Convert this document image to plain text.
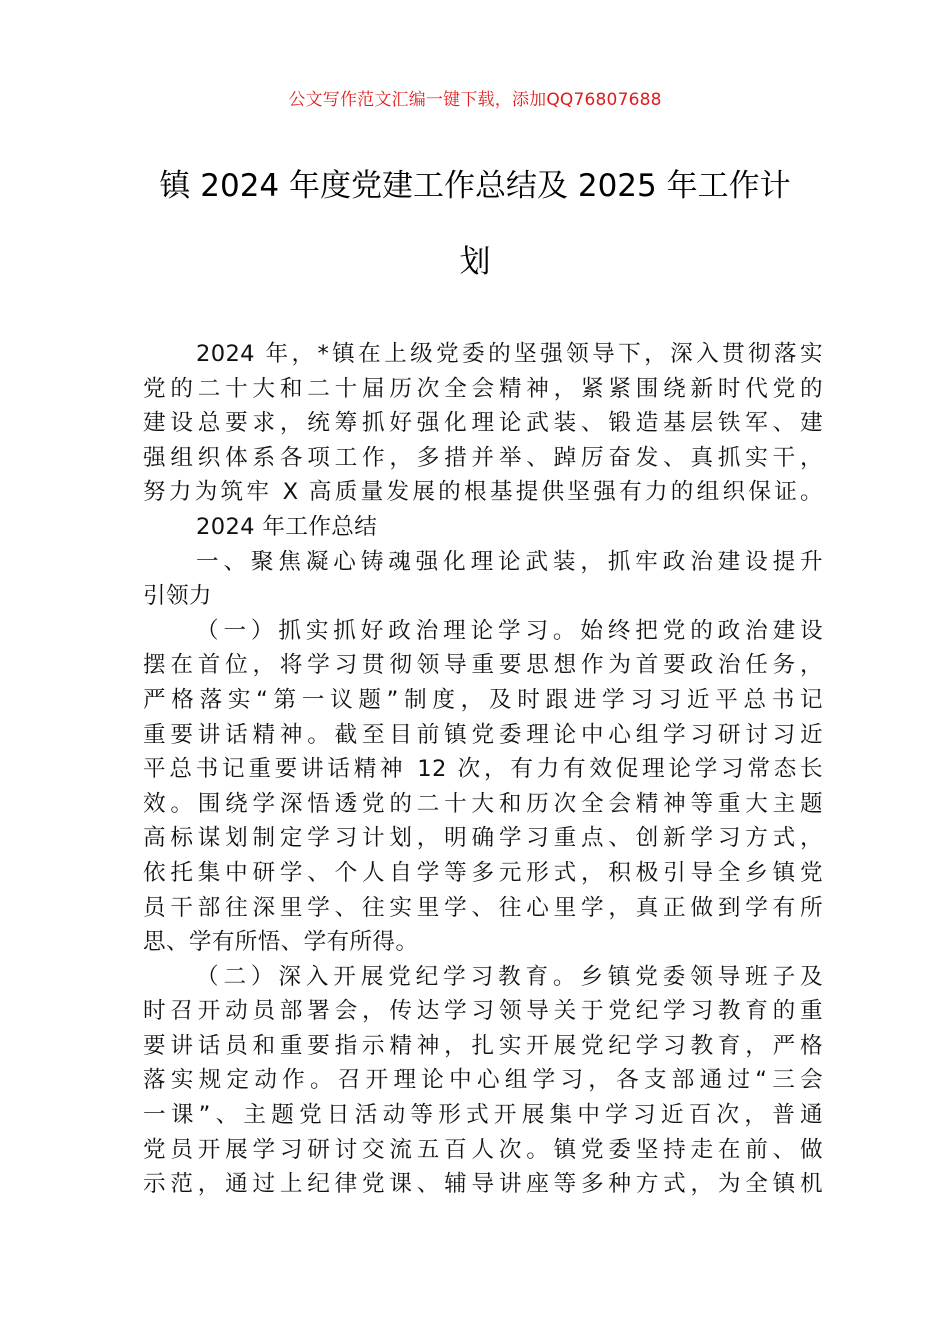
公文写作范文汇编一键下载，添加QQ76807688
镇 2024 年度党建工作总结及 2025 年工作计
划
2024 年，*镇在上级党委的坚强领导下，深入贯彻落实
党的二十大和二十届历次全会精神，紧紧围绕新时代党的
建设总要求，统筹抓好强化理论武装、锻造基层铁军、建
强组织体系各项工作，多措并举、踔厉奋发、真抓实干，
努力为筑牢 X 高质量发展的根基提供坚强有力的组织保证。
2024 年工作总结
一、聚焦凝心铸魂强化理论武装，抓牢政治建设提升
引领力
（一）抓实抓好政治理论学习。始终把党的政治建设
摆在首位，将学习贯彻领导重要思想作为首要政治任务，
严格落实“第一议题”制度，及时跟进学习习近平总书记
重要讲话精神。截至目前镇党委理论中心组学习研讨习近
平总书记重要讲话精神 12 次，有力有效促理论学习常态长
效。围绕学深悟透党的二十大和历次全会精神等重大主题
高标谋划制定学习计划，明确学习重点、创新学习方式，
依托集中研学、个人自学等多元形式，积极引导全乡镇党
员干部往深里学、往实里学、往心里学，真正做到学有所
思、学有所悟、学有所得。
（二）深入开展党纪学习教育。乡镇党委领导班子及
时召开动员部署会，传达学习领导关于党纪学习教育的重
要讲话员和重要指示精神，扎实开展党纪学习教育，严格
落实规定动作。召开理论中心组学习，各支部通过“三会
一课”、主题党日活动等形式开展集中学习近百次，普通
党员开展学习研讨交流五百人次。镇党委坚持走在前、做
示范，通过上纪律党课、辅导讲座等多种方式，为全镇机
